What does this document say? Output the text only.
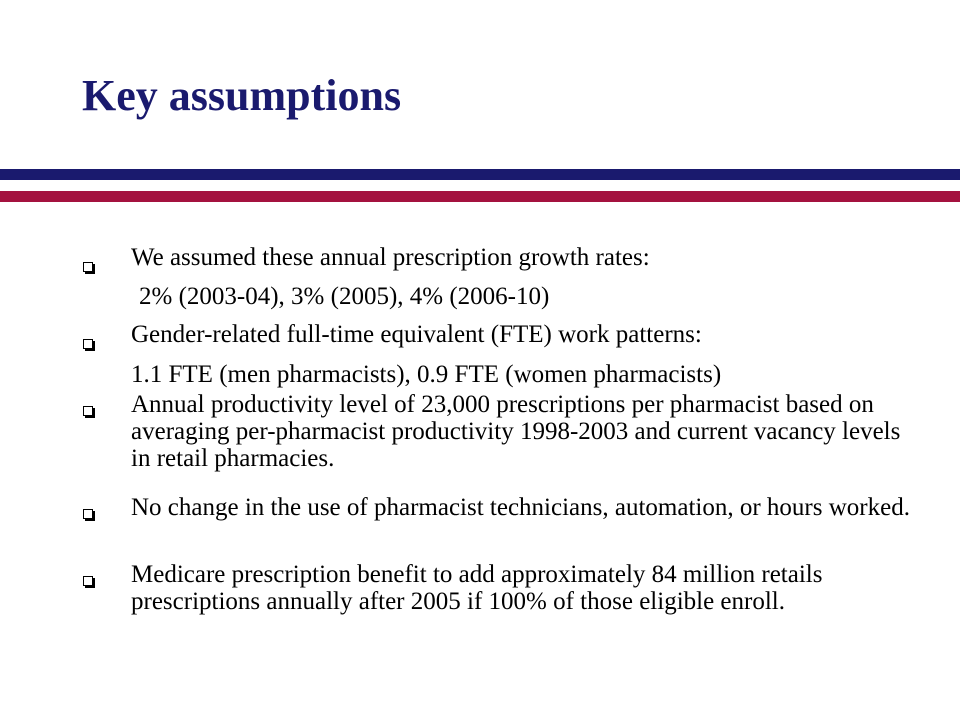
Key assumptions
We assumed these annual prescription growth rates:
2% (2003-04), 3% (2005), 4% (2006-10)
Gender-related full-time equivalent (FTE) work patterns:
1.1 FTE (men pharmacists), 0.9 FTE (women pharmacists)
Annual productivity level of 23,000 prescriptions per pharmacist based on averaging per-pharmacist productivity 1998-2003 and current vacancy levels in retail pharmacies.
No change in the use of pharmacist technicians, automation, or hours worked.
Medicare prescription benefit to add approximately 84 million retails prescriptions annually after 2005 if 100% of those eligible enroll.
